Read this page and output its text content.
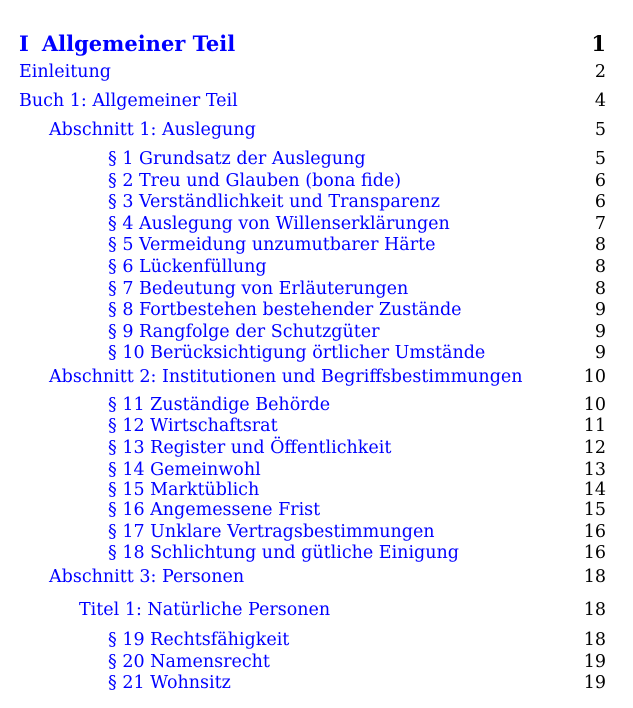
I Allgemeiner Teil	1
Einleitung	2
Buch 1: Allgemeiner Teil	4
Abschnitt 1: Auslegung	5
§ 1 Grundsatz der Auslegung	5
§ 2 Treu und Glauben (bona fide)	6
§ 3 Verständlichkeit und Transparenz	6
§ 4 Auslegung von Willenserklärungen	7
§ 5 Vermeidung unzumutbarer Härte	8
§ 6 Lückenfüllung	8
§ 7 Bedeutung von Erläuterungen	8
§ 8 Fortbestehen bestehender Zustände	9
§ 9 Rangfolge der Schutzgüter	9
§ 10 Berücksichtigung örtlicher Umstände	9
Abschnitt 2: Institutionen und Begriffsbestimmungen	10
§ 11 Zuständige Behörde	10
§ 12 Wirtschaftsrat	11
§ 13 Register und Öffentlichkeit	12
§ 14 Gemeinwohl	13
§ 15 Marktüblich	14
§ 16 Angemessene Frist	15
§ 17 Unklare Vertragsbestimmungen	16
§ 18 Schlichtung und gütliche Einigung	16
Abschnitt 3: Personen	18
Titel 1: Natürliche Personen	18
§ 19 Rechtsfähigkeit	18
§ 20 Namensrecht	19
§ 21 Wohnsitz	19
